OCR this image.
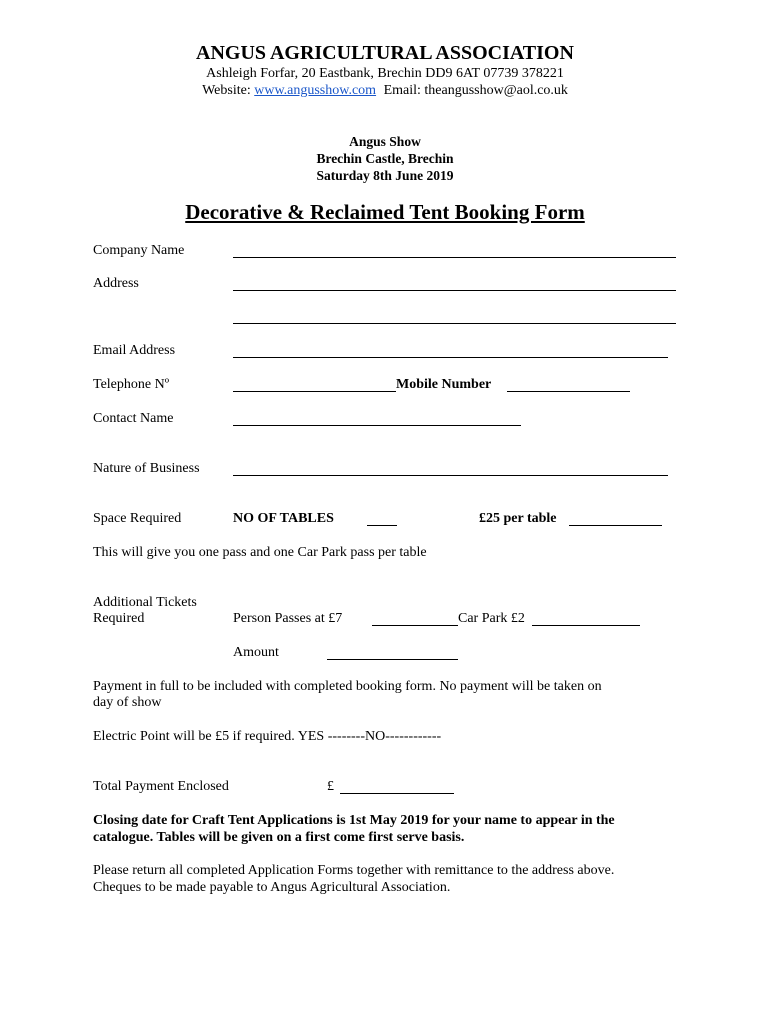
ANGUS AGRICULTURAL ASSOCIATION
Ashleigh Forfar, 20 Eastbank, Brechin DD9 6AT 07739 378221
Website: www.angusshow.com Email: theangusshow@aol.co.uk
Angus Show
Brechin Castle, Brechin
Saturday 8th June 2019
Decorative & Reclaimed Tent Booking Form
Company Name
Address
Email Address
Telephone Nº	Mobile Number
Contact Name
Nature of Business
Space Required	NO OF TABLES	£25 per table
This will give you one pass and one Car Park pass per table
Additional Tickets
Required	Person Passes at £7	Car Park £2
Amount
Payment in full to be included with completed booking form. No payment will be taken on
day of show
Electric Point will be £5 if required. YES --------NO------------
Total Payment Enclosed	£
Closing date for Craft Tent Applications is 1st May 2019 for your name to appear in the
catalogue. Tables will be given on a first come first serve basis.
Please return all completed Application Forms together with remittance to the address above.
Cheques to be made payable to Angus Agricultural Association.
